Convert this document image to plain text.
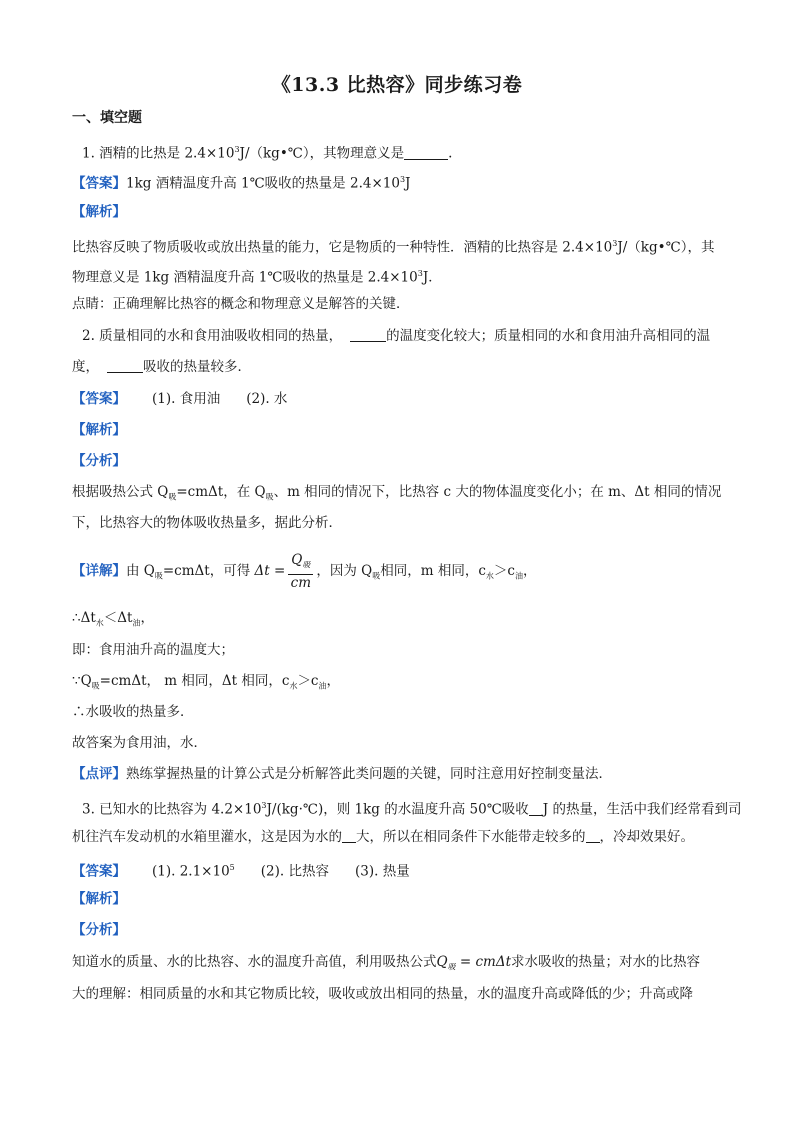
《13.3 比热容》同步练习卷
一、填空题
1. 酒精的比热是 $2.4\times 10^3J/(kg•℃)$，其物理意义是	.
【答案】1kg 酒精温度升高 1℃吸收的热量是 $2.4\times 10^3J$
【解析】
比热容反映了物质吸收或放出热量的能力，它是物质的一种特性．酒精的比热容是 $2.4\times 10^3J/(kg•℃)$，其
物理意义是 1kg 酒精温度升高 1℃吸收的热量是 $2.4\times 10^3J$．
点睛：正确理解比热容的概念和物理意义是解答的关键．
2. 质量相同的水和食用油吸收相同的热量，	的温度变化较大；质量相同的水和食用油升高相同的温
度，	吸收的热量较多．
【答案】 (1). 食用油 (2). 水
【解析】
【分析】
根据吸热公式 $Q_吸=cm\Delta t$，在 $Q_吸$、m 相同的情况下，比热容 c 大的物体温度变化小；在 m、Δt 相同的情况
下，比热容大的物体吸收热量多，据此分析．
【详解】由 $Q_吸=cm\Delta t$，可得 $\Delta t = \frac{Q_吸}{cm}$ ，因为 $Q_吸$相同，m 相同，$c_水>c_油$，
$\therefore\Delta t_水<\Delta t_油$，
即：食用油升高的温度大；
$\because Q_吸=cm\Delta t$， m 相同，Δt 相同，$c_水>c_油$，
∴水吸收的热量多．
故答案为食用油，水．
【点评】熟练掌握热量的计算公式是分析解答此类问题的关键，同时注意用好控制变量法．
3. 已知水的比热容为 $4.2\times 10^3J/(kg\cdot℃)$，则 1kg 的水温度升高 50℃吸收 J 的热量，生活中我们经常看到司
机往汽车发动机的水箱里灌水，这是因为水的 大，所以在相同条件下水能带走较多的 ，冷却效果好。
【答案】 (1). $2.1\times 10^5$ (2). 比热容 (3). 热量
【解析】
【分析】
知道水的质量、水的比热容、水的温度升高值，利用吸热公式$Q_吸 = cm\Delta t$求水吸收的热量；对水的比热容
大的理解：相同质量的水和其它物质比较，吸收或放出相同的热量，水的温度升高或降低的少；升高或降
